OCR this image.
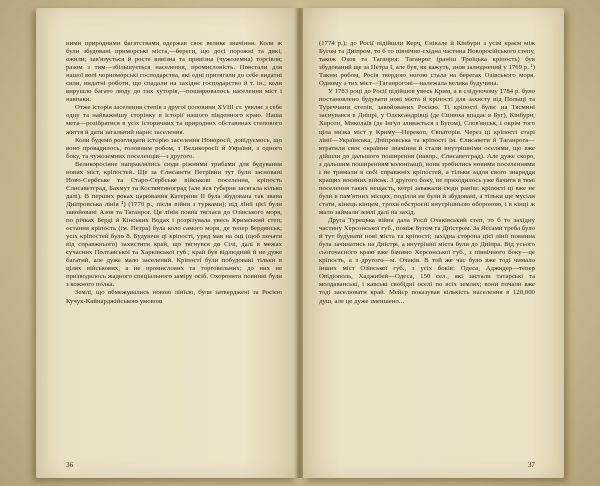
ними природними багатствами одержав своє велике значіння. Коли ж були збудовані приморські міста,—береги, що досі порожні та дикі, ожили; зав'язується й росте вивізна та привізна (чужоземна) торгівля; разом з тим—збільшується населення, промисловість. Повстали для нашої волі чорноморські господарства, які одні притягали до себе видатні сили, видатні роботи, що спадали на західнє господарство й т. ін.; коли вирушло багато люду до тих хуторів,—поширювалось населення міст і навпаки.

Отже історія заселення степів з другої половини XVIII ст. уявляє з себе одну та найважнішу сторінку в історії нашого південного краю. Наша мета—розібратися в усіх історичних та природних обставинах степового життя й дати загальний нарис заселення.

Коли будемо розглядати історію заселення Новоросії, довідуємось, що воно провадилось, головним робом, з Великоросії й України, з одного боку, та чужоземних поселенців—з другого.

Великоросіяне направлялись сюди ріжними трибами для будування нових міст, кріпостей. Ще за Єлисавети Петрівни тут були засновані Ново-Сербське та Старо-Сербське військові поселення, кріпость Єлисаветград, Бахмут та Костянтиноград (але вся ґуберня засягала кілько далі). В перших роках царювання Катерини II була збудована так звана Дніпровська лінія ¹) (1770 р., після війни з турками); від лінії цієї були завойовані Азов та Таганрог. Ця лінія повна тяглася до Озівського моря, по річках Берді й Кінських Водах і розрізувала увесь Кримський степ; остання кріпость (ім. Петра) була коло самого моря, де тепер Бердянськ; усіх кріпостей було 8. Будуючи ці кріпості, уряд мав на оці (щоб почати від справжнього) захистити край, що тягнувся до Січі, далі в межах сучасних Полтавської та Харківської губ.; край був відлюдний й не дуже багатий, але дуже мало заселений. Кріпості були побудовані тільки в цілях військових, а не промислових та торговельних; до них не призводилось жадного спеціального заміру осіб. Охороняти повинні були з кожного полка.

Землі, що обмежувались новою лінією, були затверджені за Росією Кучук-Кайнарджійською умовою

36

(1774 р.); до Росії підійшли Керч, Єнікале й Кінбурн з усім краєм між Бугом та Дніпром, то б то північно-східна частина Новоросійського степу, також Озов та Таганрог. Таганрог (раніш Троїцька кріпость) був збудований ще за Петра І, але був, як кажуть, знов залюднений у 1769 р. ¹) Таким робом, Росія твердою ногою стала на берегах Озівського моря. Одному з тих міст—Таганрогові—належала велика будучина.

У 1783 році до Росії підійшов увесь Крим, а в слідуючому 1784 р. було постановлено будувати нові міста й кріпості для захисту від Польщі та Туреччини степів, завойованих Росією. Ті кріпості були: на Тясмині заснувався в Дніпрі, у Олександрівці (де Синюха впадає в Буг), Кінбурн, Херсон, Миколаїв (де Інгул зливається з Бугом), Слов'янськ, і окрім того ціла низка міст у Криму—Перекоп, Євпаторія. Через ці кріпості старі лінії—Українська, Дніпровська та кріпості ім. Єлисавети й Таганрога—втратили своє окраїнне значіння й стали внутрішніми оселями, що вже дійшли до дальшого поширення (навпр., Єлисаветград). Але дуже скоро, з дальшим поширенням колонізації, вони зробились новими поселеннями і не тримали в собі справжніх кріпостей, а тільки задля свого знаряддя кращих воєнних військ. З другого боку, не приходилось уже бачити в тямі поселення таких нещасть, котрі заважали сюди раніш: кріпості ці вже не були в пам'ятних місцях, поділля не були й збудовані, а тільки ще мусіли стати, кінець кінцем, трохи обстроєні внутрішньою обороною, і в кінці ж мало займали землі далі на захід.

Друга Турецька війна дала Росії Очаківський степ, то б то західну частину Херсонської губ., поміж Бугом та Дністром. За Яссами треба було й тут будувати нові міста та кріпості; західна сторона цієї лінії повинна була зачинатись на Дністрі, а внутрішні міста були до Дніпра. Від усього сьогочасного краю вже бачимо Херсонської губ., з північного боку—це кріпость, а з другого—м. Очаків. В той же час було вже тоді чимало інших міст Озівської губ., з усіх боків: Одеса, Аджидер—тепер Овідіополь, Хаджибей—Одеса, 150 сел., які застали татарські та молдаванські, і кавські свобідні оселі по всіх землях; вони почали вже тоді заселювати край. Мейєр показував кількість населення в 120,000 душ, але це дуже зменшено...

37
